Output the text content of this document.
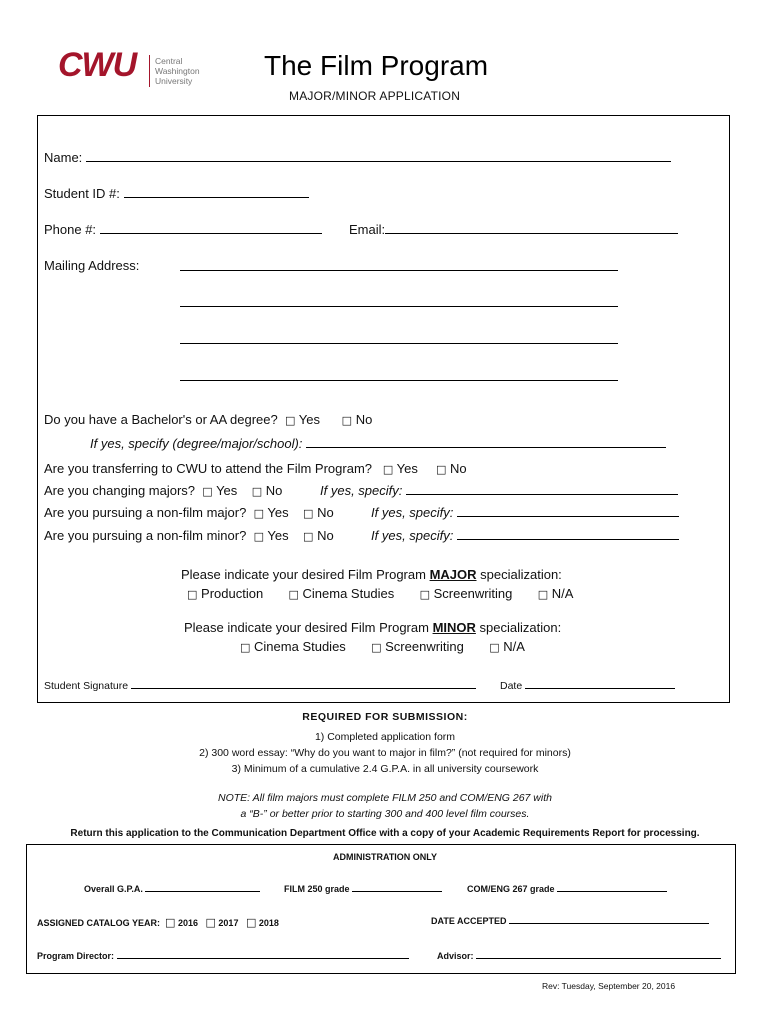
CWU Central
Washington
University	The Film Program
MAJOR/MINOR APPLICATION
Name:
Student ID #:
Phone #:	Email:
Mailing Address:
Do you have a Bachelor's or AA degree? □ Yes □ No
If yes, specify (degree/major/school):
Are you transferring to CWU to attend the Film Program? □ Yes □ No
Are you changing majors? □ Yes □ No	If yes, specify:
Are you pursuing a non-film major? □ Yes □ No	If yes, specify:
Are you pursuing a non-film minor? □ Yes □ No	If yes, specify:
Please indicate your desired Film Program MAJOR specialization:
□ Production □ Cinema Studies □ Screenwriting □ N/A
Please indicate your desired Film Program MINOR specialization:
□ Cinema Studies □ Screenwriting □ N/A
Student Signature	Date
REQUIRED FOR SUBMISSION:
1) Completed application form
2) 300 word essay: “Why do you want to major in film?” (not required for minors)
3) Minimum of a cumulative 2.4 G.P.A. in all university coursework
NOTE: All film majors must complete FILM 250 and COM/ENG 267 with
a “B-” or better prior to starting 300 and 400 level film courses.
Return this application to the Communication Department Office with a copy of your Academic Requirements Report for processing.
ADMINISTRATION ONLY
Overall G.P.A.	FILM 250 grade	COM/ENG 267 grade
ASSIGNED CATALOG YEAR: □ 2016 □ 2017 □ 2018	DATE ACCEPTED
Program Director:	Advisor:
Rev: Tuesday, September 20, 2016
